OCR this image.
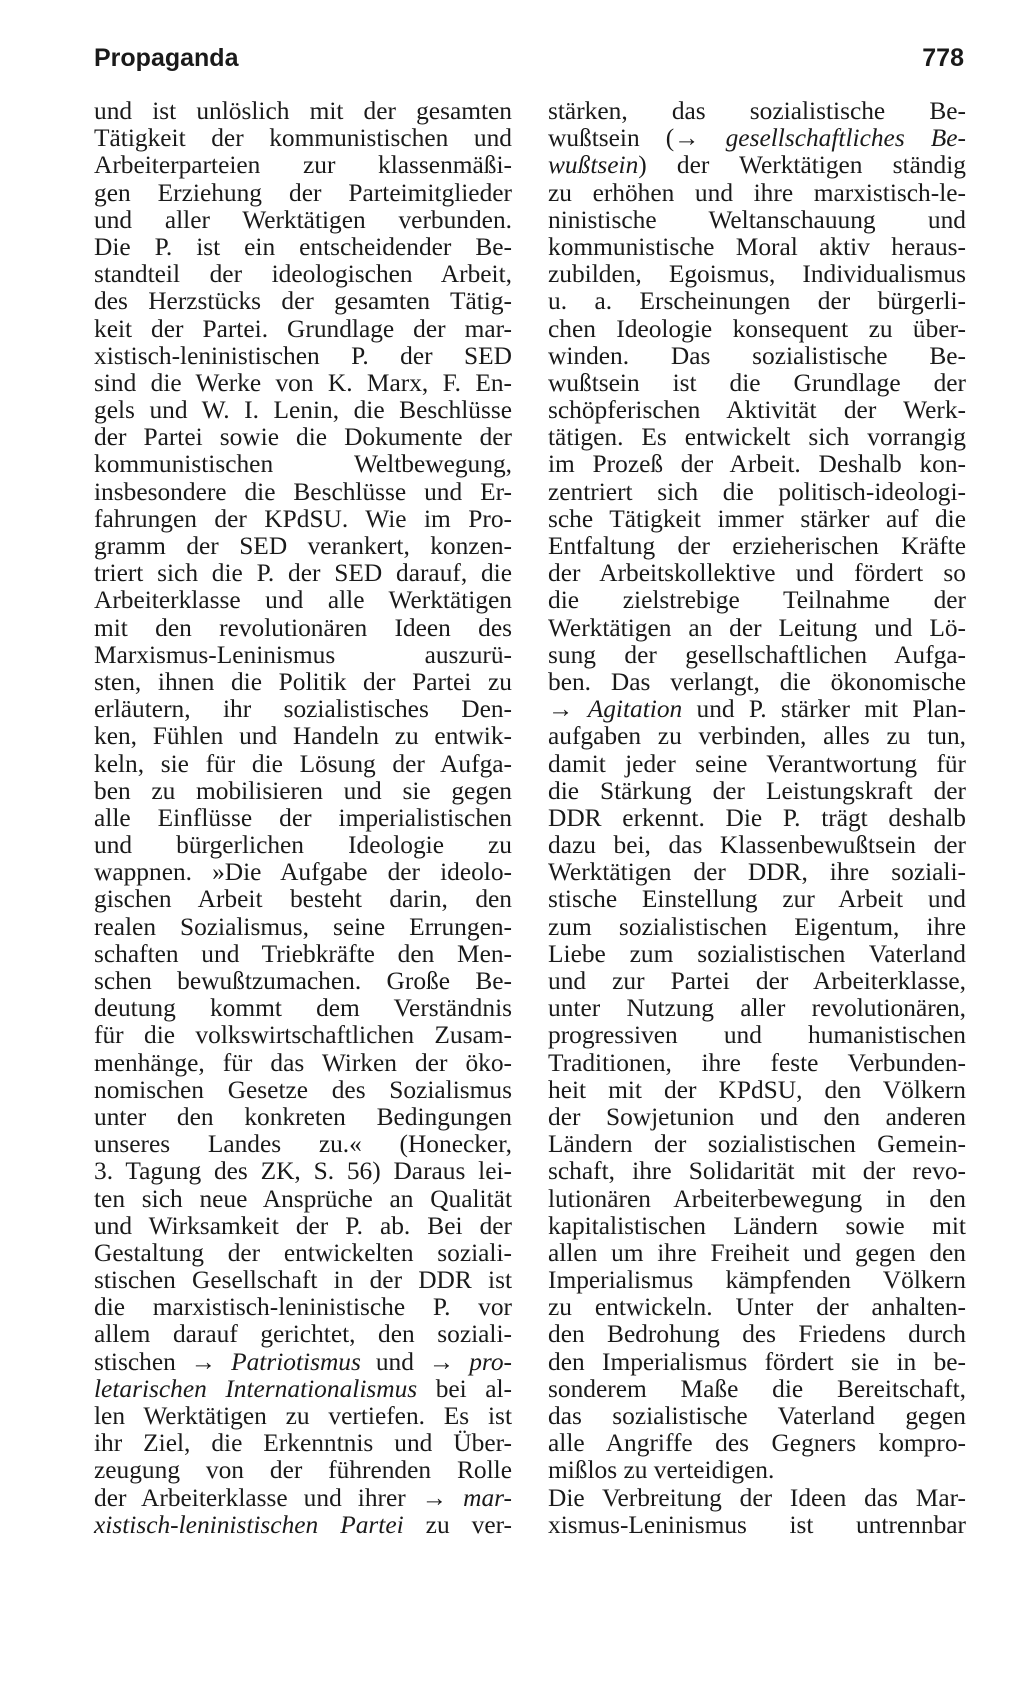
Propaganda	778
und ist unlöslich mit der gesamten
Tätigkeit der kommunistischen und
Arbeiterparteien zur klassenmäßi-
gen Erziehung der Parteimitglieder
und aller Werktätigen verbunden.
Die P. ist ein entscheidender Be-
standteil der ideologischen Arbeit,
des Herzstücks der gesamten Tätig-
keit der Partei. Grundlage der mar-
xistisch-leninistischen P. der SED
sind die Werke von K. Marx, F. En-
gels und W. I. Lenin, die Beschlüsse
der Partei sowie die Dokumente der
kommunistischen Weltbewegung,
insbesondere die Beschlüsse und Er-
fahrungen der KPdSU. Wie im Pro-
gramm der SED verankert, konzen-
triert sich die P. der SED darauf, die
Arbeiterklasse und alle Werktätigen
mit den revolutionären Ideen des
Marxismus-Leninismus auszurü-
sten, ihnen die Politik der Partei zu
erläutern, ihr sozialistisches Den-
ken, Fühlen und Handeln zu entwik-
keln, sie für die Lösung der Aufga-
ben zu mobilisieren und sie gegen
alle Einflüsse der imperialistischen
und bürgerlichen Ideologie zu
wappnen. »Die Aufgabe der ideolo-
gischen Arbeit besteht darin, den
realen Sozialismus, seine Errungen-
schaften und Triebkräfte den Men-
schen bewußtzumachen. Große Be-
deutung kommt dem Verständnis
für die volkswirtschaftlichen Zusam-
menhänge, für das Wirken der öko-
nomischen Gesetze des Sozialismus
unter den konkreten Bedingungen
unseres Landes zu.« (Honecker,
3. Tagung des ZK, S. 56) Daraus lei-
ten sich neue Ansprüche an Qualität
und Wirksamkeit der P. ab. Bei der
Gestaltung der entwickelten soziali-
stischen Gesellschaft in der DDR ist
die marxistisch-leninistische P. vor
allem darauf gerichtet, den soziali-
stischen → Patriotismus und → pro-
letarischen Internationalismus bei al-
len Werktätigen zu vertiefen. Es ist
ihr Ziel, die Erkenntnis und Über-
zeugung von der führenden Rolle
der Arbeiterklasse und ihrer → mar-
xistisch-leninistischen Partei zu ver-
stärken, das sozialistische Be-
wußtsein (→ gesellschaftliches Be-
wußtsein) der Werktätigen ständig
zu erhöhen und ihre marxistisch-le-
ninistische Weltanschauung und
kommunistische Moral aktiv heraus-
zubilden, Egoismus, Individualismus
u. a. Erscheinungen der bürgerli-
chen Ideologie konsequent zu über-
winden. Das sozialistische Be-
wußtsein ist die Grundlage der
schöpferischen Aktivität der Werk-
tätigen. Es entwickelt sich vorrangig
im Prozeß der Arbeit. Deshalb kon-
zentriert sich die politisch-ideologi-
sche Tätigkeit immer stärker auf die
Entfaltung der erzieherischen Kräfte
der Arbeitskollektive und fördert so
die zielstrebige Teilnahme der
Werktätigen an der Leitung und Lö-
sung der gesellschaftlichen Aufga-
ben. Das verlangt, die ökonomische
→ Agitation und P. stärker mit Plan-
aufgaben zu verbinden, alles zu tun,
damit jeder seine Verantwortung für
die Stärkung der Leistungskraft der
DDR erkennt. Die P. trägt deshalb
dazu bei, das Klassenbewußtsein der
Werktätigen der DDR, ihre soziali-
stische Einstellung zur Arbeit und
zum sozialistischen Eigentum, ihre
Liebe zum sozialistischen Vaterland
und zur Partei der Arbeiterklasse,
unter Nutzung aller revolutionären,
progressiven und humanistischen
Traditionen, ihre feste Verbunden-
heit mit der KPdSU, den Völkern
der Sowjetunion und den anderen
Ländern der sozialistischen Gemein-
schaft, ihre Solidarität mit der revo-
lutionären Arbeiterbewegung in den
kapitalistischen Ländern sowie mit
allen um ihre Freiheit und gegen den
Imperialismus kämpfenden Völkern
zu entwickeln. Unter der anhalten-
den Bedrohung des Friedens durch
den Imperialismus fördert sie in be-
sonderem Maße die Bereitschaft,
das sozialistische Vaterland gegen
alle Angriffe des Gegners kompro-
mißlos zu verteidigen.
Die Verbreitung der Ideen das Mar-
xismus-Leninismus ist untrennbar
